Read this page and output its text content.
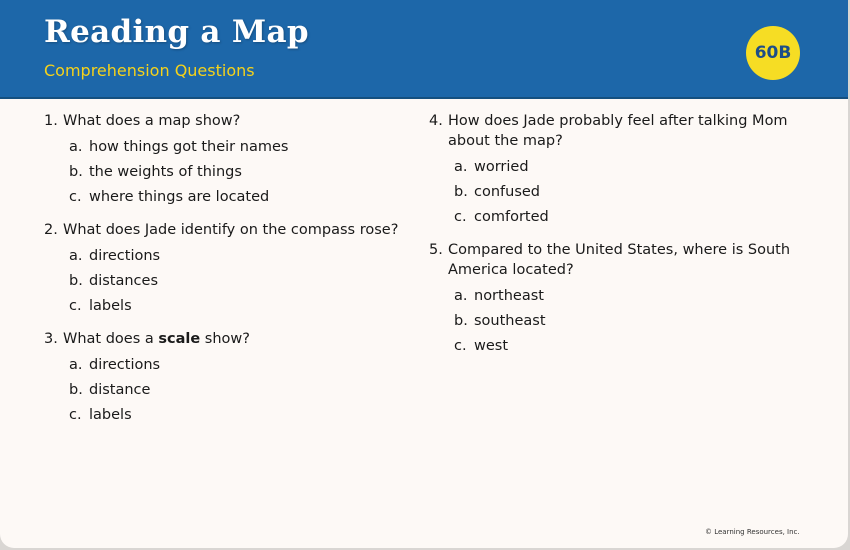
Reading a Map
Comprehension Questions
60B
1. What does a map show?
a. how things got their names
b. the weights of things
c. where things are located
2. What does Jade identify on the compass rose?
a. directions
b. distances
c. labels
3. What does a scale show?
a. directions
b. distance
c. labels
4. How does Jade probably feel after talking Mom about the map?
a. worried
b. confused
c. comforted
5. Compared to the United States, where is South America located?
a. northeast
b. southeast
c. west
© Learning Resources, Inc.
